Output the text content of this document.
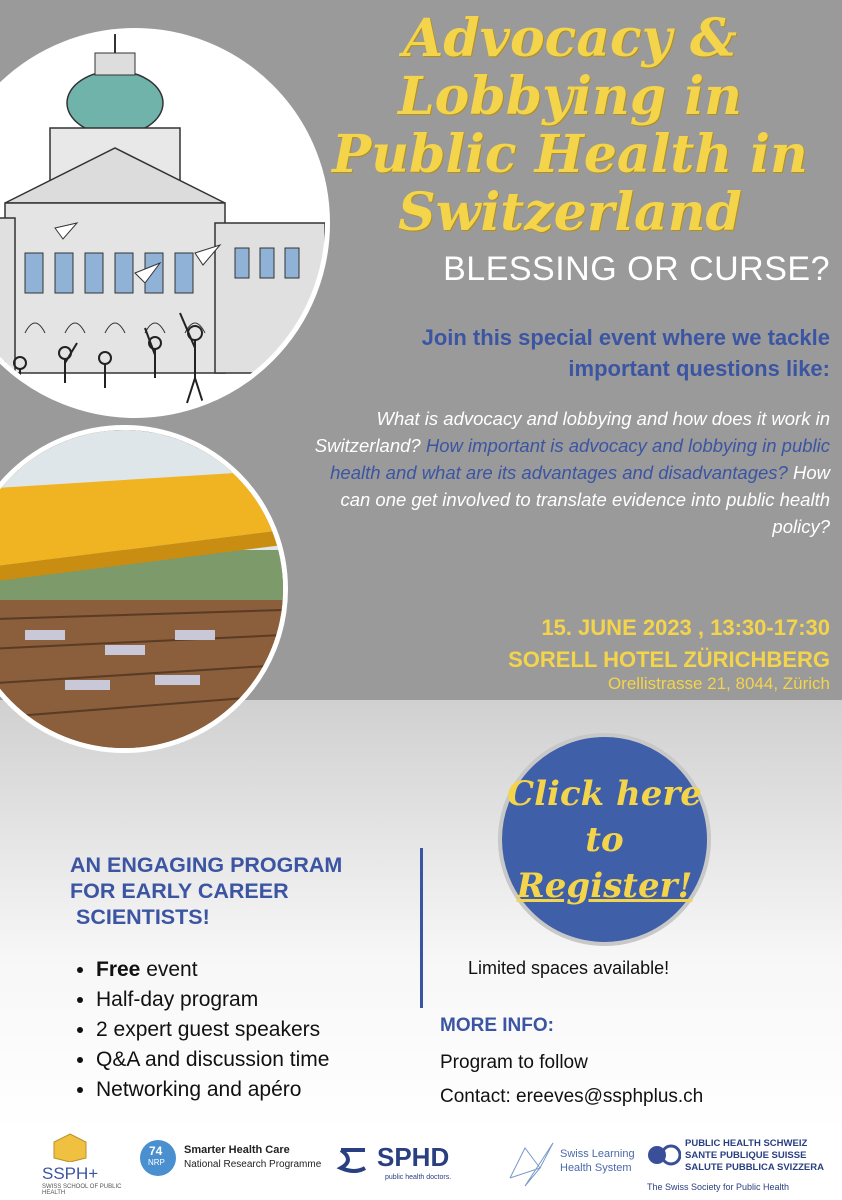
Advocacy & Lobbying in
Public Health in
Switzerland
BLESSING OR CURSE?
Join this special event where we tackle
important questions like:
What is advocacy and lobbying and how does it work in Switzerland? How important is advocacy and lobbying in public health and what are its advantages and disadvantages? How can one get involved to translate evidence into public health policy?
15. JUNE 2023 , 13:30-17:30
SORELL HOTEL ZÜRICHBERG
Orellistrasse 21, 8044, Zürich
Click here to
Register!
AN ENGAGING PROGRAM
FOR EARLY CAREER
SCIENTISTS!
• Free event
• Half-day program
• 2 expert guest speakers
• Q&A and discussion time
• Networking and apéro
Limited spaces available!
MORE INFO:
Program to follow
Contact: ereeves@ssphplus.ch
SSPH+
SWISS SCHOOL OF PUBLIC HEALTH
74
NRP
Smarter Health Care
National Research Programme SPHD
public health doctors.
Swiss Learning
Health System
PUBLIC HEALTH SCHWEIZ
SANTE PUBLIQUE SUISSE
SALUTE PUBBLICA SVIZZERA
The Swiss Society for Public Health
